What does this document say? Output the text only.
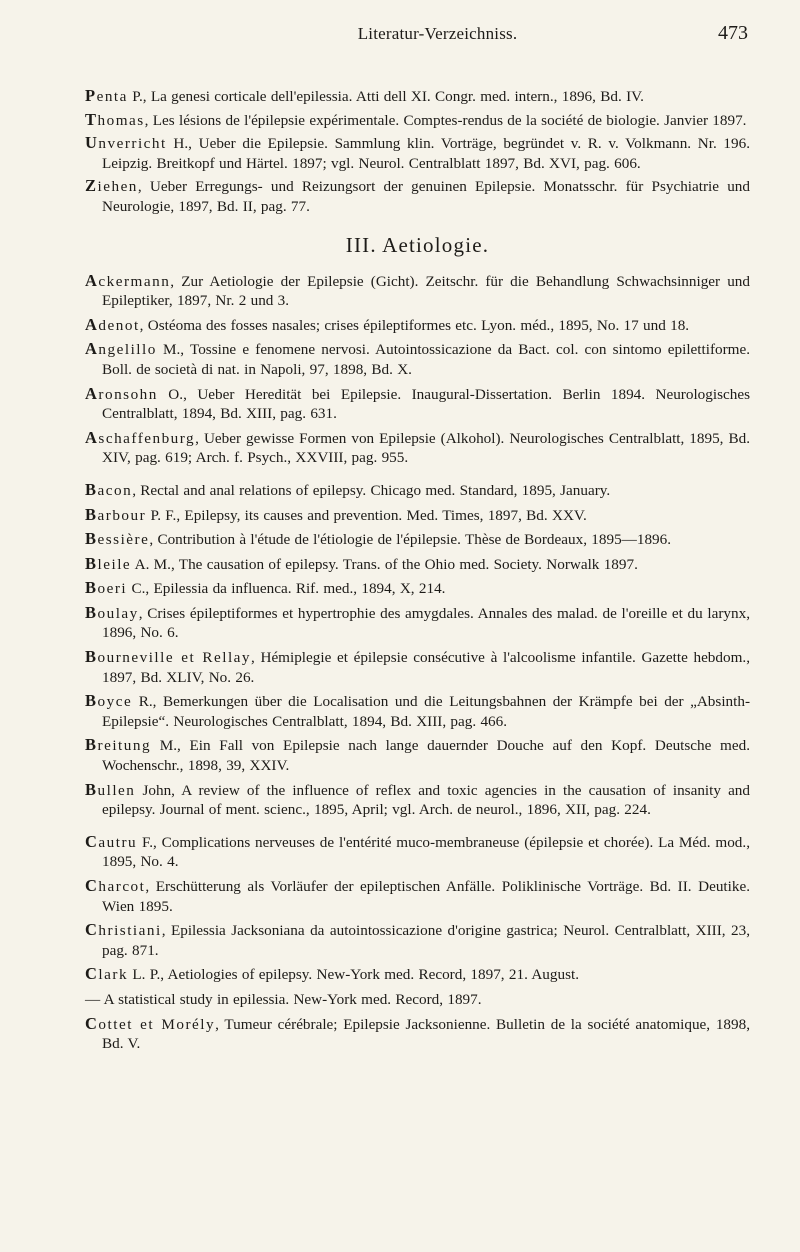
Literatur-Verzeichniss.	473
Penta P., La genesi corticale dell'epilessia. Atti dell XI. Congr. med. intern., 1896, Bd. IV.
Thomas, Les lésions de l'épilepsie expérimentale. Comptes-rendus de la société de biologie. Janvier 1897.
Unverricht H., Ueber die Epilepsie. Sammlung klin. Vorträge, begründet v. R. v. Volkmann. Nr. 196. Leipzig. Breitkopf und Härtel. 1897; vgl. Neurol. Centralblatt 1897, Bd. XVI, pag. 606.
Ziehen, Ueber Erregungs- und Reizungsort der genuinen Epilepsie. Monatsschr. für Psychiatrie und Neurologie, 1897, Bd. II, pag. 77.
III. Aetiologie.
Ackermann, Zur Aetiologie der Epilepsie (Gicht). Zeitschr. für die Behandlung Schwachsinniger und Epileptiker, 1897, Nr. 2 und 3.
Adenot, Ostéoma des fosses nasales; crises épileptiformes etc. Lyon. méd., 1895, No. 17 und 18.
Angelillo M., Tossine e fenomene nervosi. Autointossicazione da Bact. col. con sintomo epilettiforme. Boll. de società di nat. in Napoli, 97, 1898, Bd. X.
Aronsohn O., Ueber Heredität bei Epilepsie. Inaugural-Dissertation. Berlin 1894. Neurologisches Centralblatt, 1894, Bd. XIII, pag. 631.
Aschaffenburg, Ueber gewisse Formen von Epilepsie (Alkohol). Neurologisches Centralblatt, 1895, Bd. XIV, pag. 619; Arch. f. Psych., XXVIII, pag. 955.
Bacon, Rectal and anal relations of epilepsy. Chicago med. Standard, 1895, January.
Barbour P. F., Epilepsy, its causes and prevention. Med. Times, 1897, Bd. XXV.
Bessière, Contribution à l'étude de l'étiologie de l'épilepsie. Thèse de Bordeaux, 1895—1896.
Bleile A. M., The causation of epilepsy. Trans. of the Ohio med. Society. Norwalk 1897.
Boeri C., Epilessia da influenca. Rif. med., 1894, X, 214.
Boulay, Crises épileptiformes et hypertrophie des amygdales. Annales des malad. de l'oreille et du larynx, 1896, No. 6.
Bourneville et Rellay, Hémiplegie et épilepsie consécutive à l'alcoolisme infantile. Gazette hebdom., 1897, Bd. XLIV, No. 26.
Boyce R., Bemerkungen über die Localisation und die Leitungsbahnen der Krämpfe bei der „Absinth-Epilepsie“. Neurologisches Centralblatt, 1894, Bd. XIII, pag. 466.
Breitung M., Ein Fall von Epilepsie nach lange dauernder Douche auf den Kopf. Deutsche med. Wochenschr., 1898, 39, XXIV.
Bullen John, A review of the influence of reflex and toxic agencies in the causation of insanity and epilepsy. Journal of ment. scienc., 1895, April; vgl. Arch. de neurol., 1896, XII, pag. 224.
Cautru F., Complications nerveuses de l'entérité muco-membraneuse (épilepsie et chorée). La Méd. mod., 1895, No. 4.
Charcot, Erschütterung als Vorläufer der epileptischen Anfälle. Poliklinische Vorträge. Bd. II. Deutike. Wien 1895.
Christiani, Epilessia Jacksoniana da autointossicazione d'origine gastrica; Neurol. Centralblatt, XIII, 23, pag. 871.
Clark L. P., Aetiologies of epilepsy. New-York med. Record, 1897, 21. August.
— A statistical study in epilessia. New-York med. Record, 1897.
Cottet et Morély, Tumeur cérébrale; Epilepsie Jacksonienne. Bulletin de la société anatomique, 1898, Bd. V.
